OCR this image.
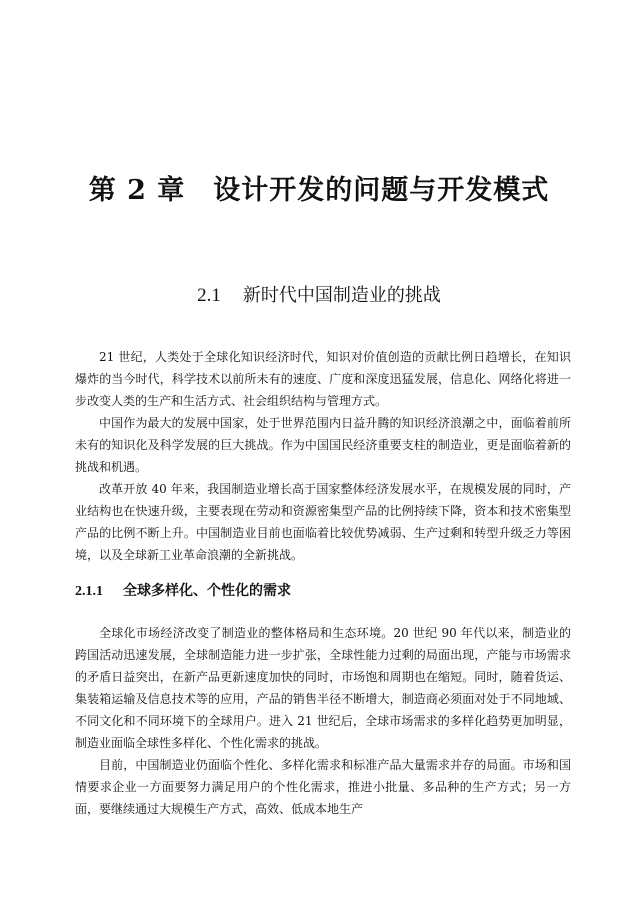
第 2 章　设计开发的问题与开发模式
2.1 新时代中国制造业的挑战

21 世纪，人类处于全球化知识经济时代，知识对价值创造的贡献比例日趋增长，在知识爆炸的当今时代，科学技术以前所未有的速度、广度和深度迅猛发展，信息化、网络化将进一步改变人类的生产和生活方式、社会组织结构与管理方式。

中国作为最大的发展中国家，处于世界范围内日益升腾的知识经济浪潮之中，面临着前所未有的知识化及科学发展的巨大挑战。作为中国国民经济重要支柱的制造业，更是面临着新的挑战和机遇。

改革开放 40 年来，我国制造业增长高于国家整体经济发展水平，在规模发展的同时，产业结构也在快速升级，主要表现在劳动和资源密集型产品的比例持续下降，资本和技术密集型产品的比例不断上升。中国制造业目前也面临着比较优势减弱、生产过剩和转型升级乏力等困境，以及全球新工业革命浪潮的全新挑战。

2.1.1 全球多样化、个性化的需求

全球化市场经济改变了制造业的整体格局和生态环境。20 世纪 90 年代以来，制造业的跨国活动迅速发展，全球制造能力进一步扩张，全球性能力过剩的局面出现，产能与市场需求的矛盾日益突出，在新产品更新速度加快的同时，市场饱和周期也在缩短。同时，随着货运、集装箱运输及信息技术等的应用，产品的销售半径不断增大，制造商必须面对处于不同地域、不同文化和不同环境下的全球用户。进入 21 世纪后，全球市场需求的多样化趋势更加明显，制造业面临全球性多样化、个性化需求的挑战。

目前，中国制造业仍面临个性化、多样化需求和标准产品大量需求并存的局面。市场和国情要求企业一方面要努力满足用户的个性化需求，推进小批量、多品种的生产方式；另一方面，要继续通过大规模生产方式，高效、低成本地生产
